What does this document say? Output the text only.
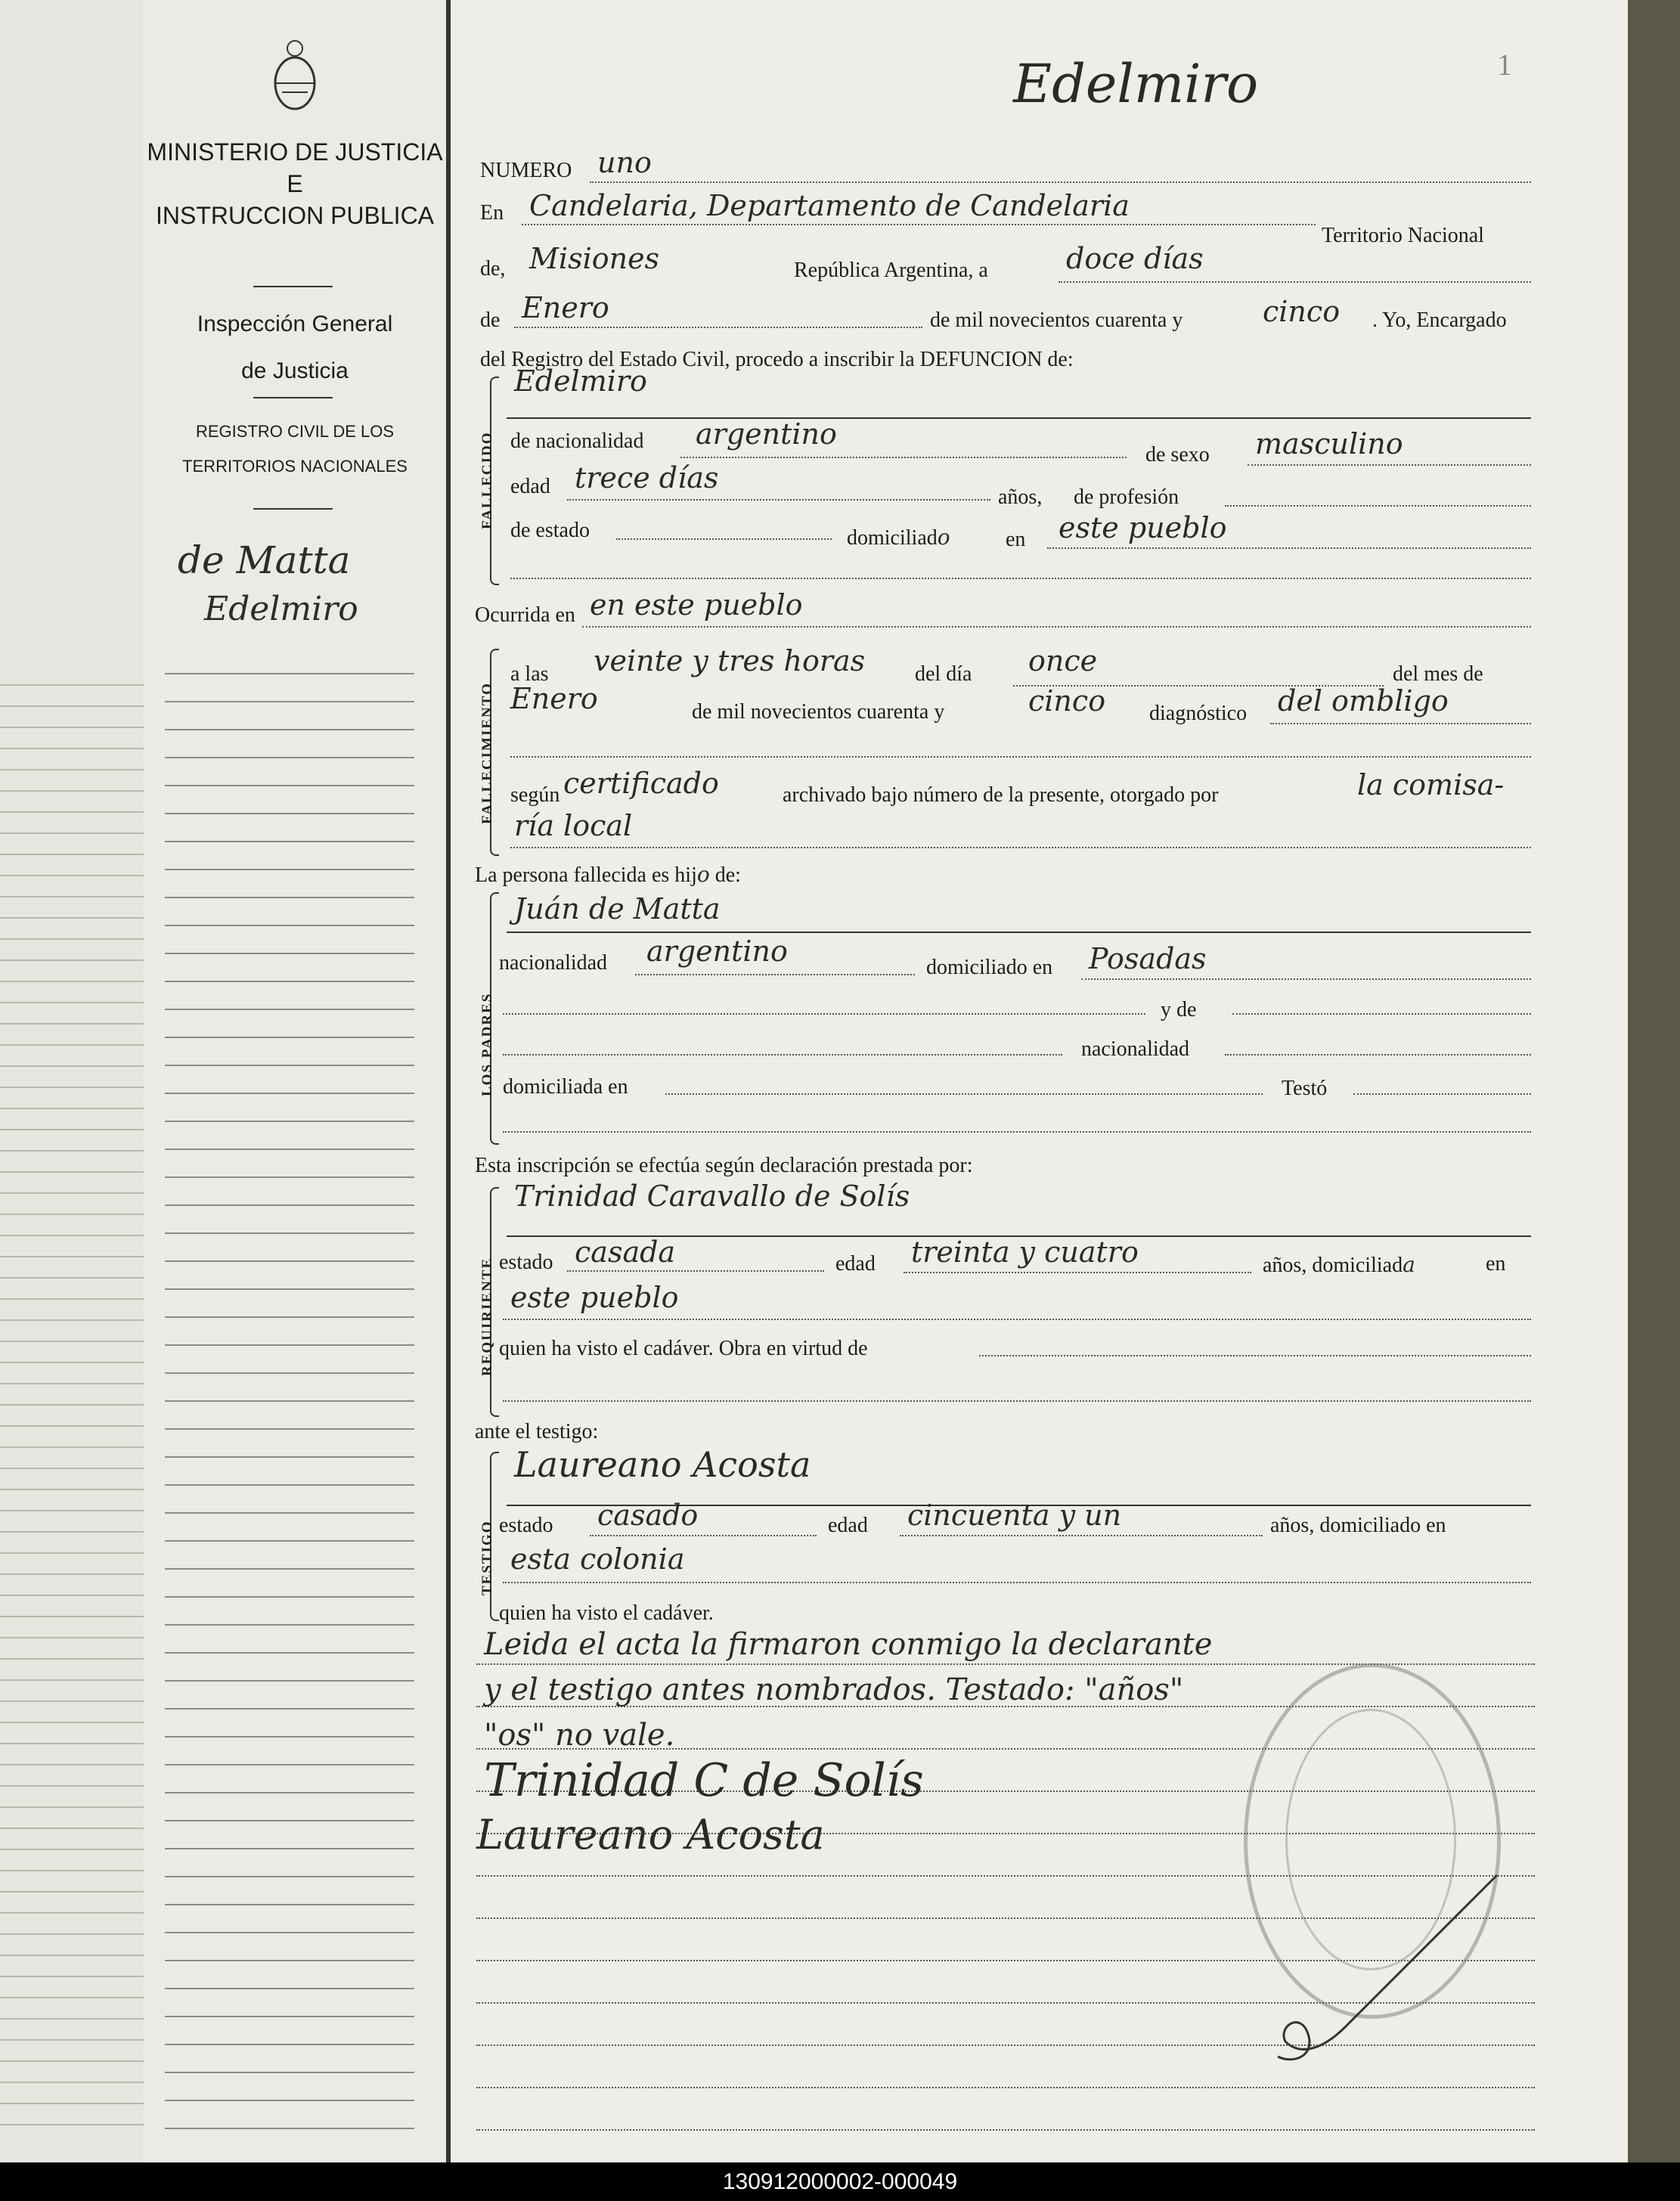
MINISTERIO DE JUSTICIA
E
INSTRUCCION PUBLICA
Inspección General
de Justicia
REGISTRO CIVIL DE LOS
TERRITORIOS NACIONALES
de Matta
Edelmiro
Edelmiro	1
NUMERO uno
En Candelaria, Departamento de Candelaria
Territorio Nacional
de, Misiones	República Argentina, a	doce días
de Enero	de mil novecientos cuarenta y	cinco . Yo, Encargado
del Registro del Estado Civil, procedo a inscribir la DEFUNCION de:
FALLECIDO
Edelmiro
de nacionalidad argentino
de sexo masculino
edad trece días
años, de profesión
de estado	domiciliado	en este pueblo
Ocurrida en en este pueblo
FALLECIMIENTO
a las veinte y tres horas del día once	del mes de
Enero	de mil novecientos cuarenta y	cinco diagnóstico del ombligo
según certificado	archivado bajo número de la presente, otorgado por	la comisa-
ría local
La persona fallecida es hijo de:
LOS PADRES
Juán de Matta
nacionalidad argentino	domiciliado en Posadas
y de
nacionalidad
domiciliada en	Testó
Esta inscripción se efectúa según declaración prestada por:
REQUIRIENTE
Trinidad Caravallo de Solís
estado casada	edad treinta y cuatro	años, domiciliada	en
este pueblo
quien ha visto el cadáver. Obra en virtud de
ante el testigo:
TESTIGO
Laureano Acosta
estado casado	edad cincuenta y un	años, domiciliado en
esta colonia
quien ha visto el cadáver.
Leida el acta la firmaron conmigo la declarante
y el testigo antes nombrados. Testado: "años"
"os" no vale.
Trinidad C de Solís
Laureano Acosta
130912000002-000049
